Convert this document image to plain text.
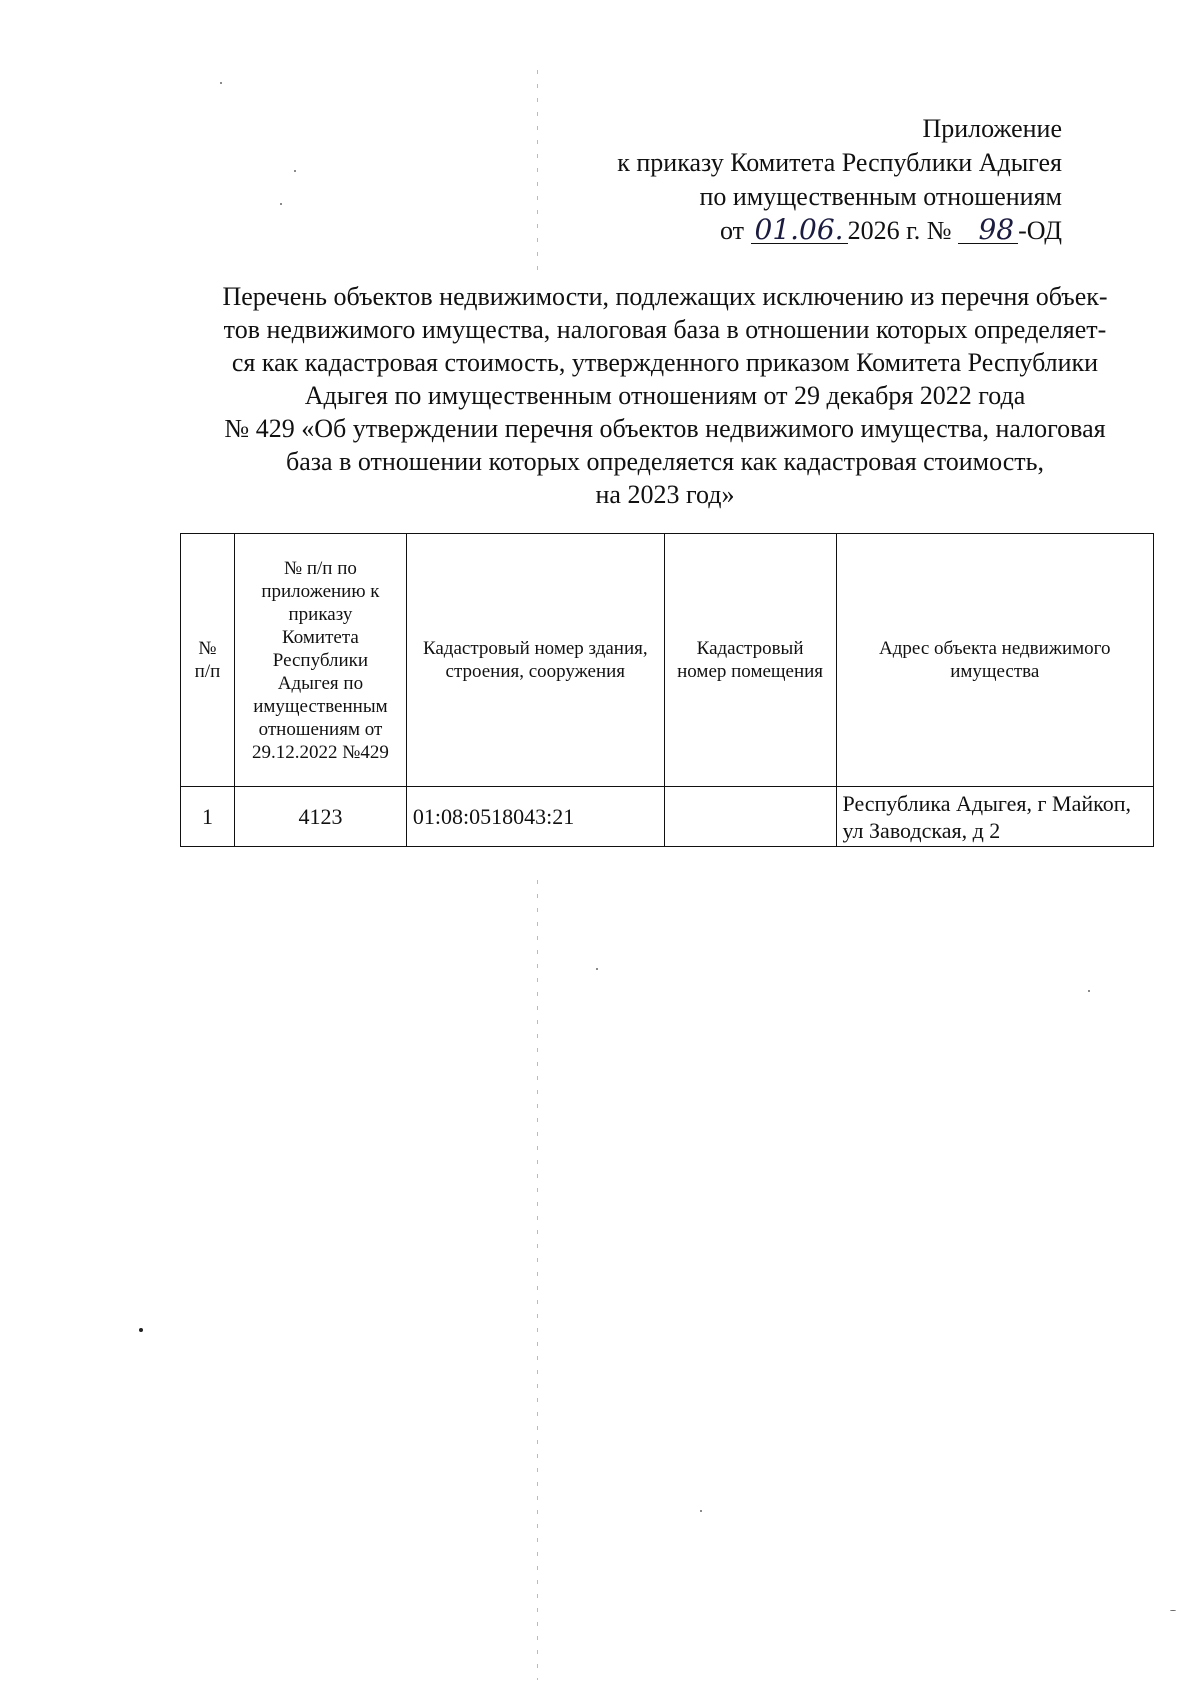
Приложение
к приказу Комитета Республики Адыгея
по имущественным отношениям
от 01.06. 2026 г. № 98 -ОД
Перечень объектов недвижимости, подлежащих исключению из перечня объек-
тов недвижимого имущества, налоговая база в отношении которых определяет-
ся как кадастровая стоимость, утвержденного приказом Комитета Республики
Адыгея по имущественным отношениям от 29 декабря 2022 года
№ 429 «Об утверждении перечня объектов недвижимого имущества, налоговая
база в отношении которых определяется как кадастровая стоимость,
на 2023 год»
№ п/п	№ п/п по приложению к приказу Комитета Республики Адыгея по имущественным отношениям от 29.12.2022 №429	Кадастровый номер здания, строения, сооружения	Кадастровый номер помещения	Адрес объекта недвижимого имущества
1	4123	01:08:0518043:21		Республика Адыгея, г Майкоп, ул Заводская, д 2
